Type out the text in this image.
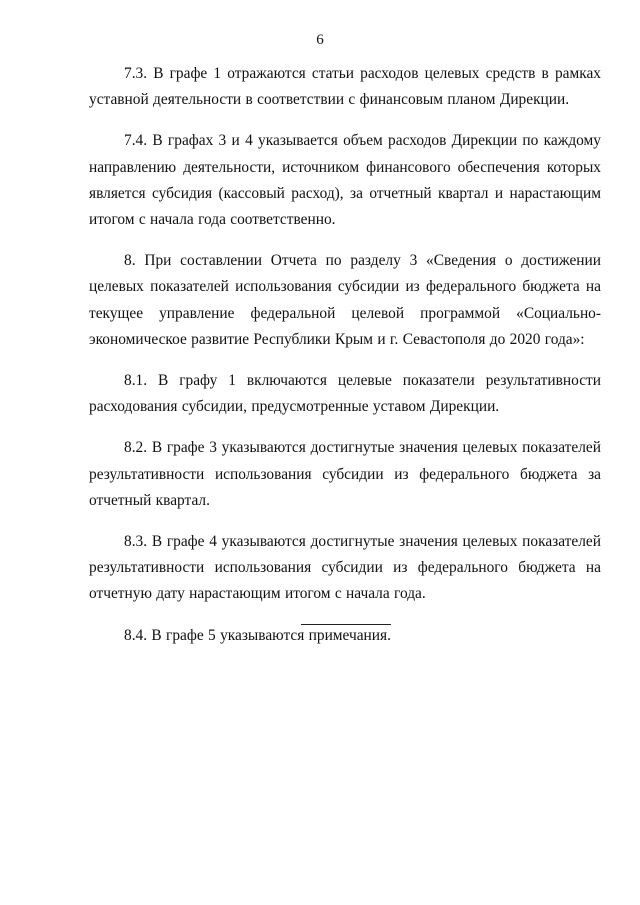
6

7.3. В графе 1 отражаются статьи расходов целевых средств в рамках уставной деятельности в соответствии с финансовым планом Дирекции.

7.4. В графах 3 и 4 указывается объем расходов Дирекции по каждому направлению деятельности, источником финансового обеспечения которых является субсидия (кассовый расход), за отчетный квартал и нарастающим итогом с начала года соответственно.

8. При составлении Отчета по разделу 3 «Сведения о достижении целевых показателей использования субсидии из федерального бюджета на текущее управление федеральной целевой программой «Социально-экономическое развитие Республики Крым и г. Севастополя до 2020 года»:

8.1. В графу 1 включаются целевые показатели результативности расходования субсидии, предусмотренные уставом Дирекции.

8.2. В графе 3 указываются достигнутые значения целевых показателей результативности использования субсидии из федерального бюджета за отчетный квартал.

8.3. В графе 4 указываются достигнутые значения целевых показателей результативности использования субсидии из федерального бюджета на отчетную дату нарастающим итогом с начала года.

8.4. В графе 5 указываются примечания.
